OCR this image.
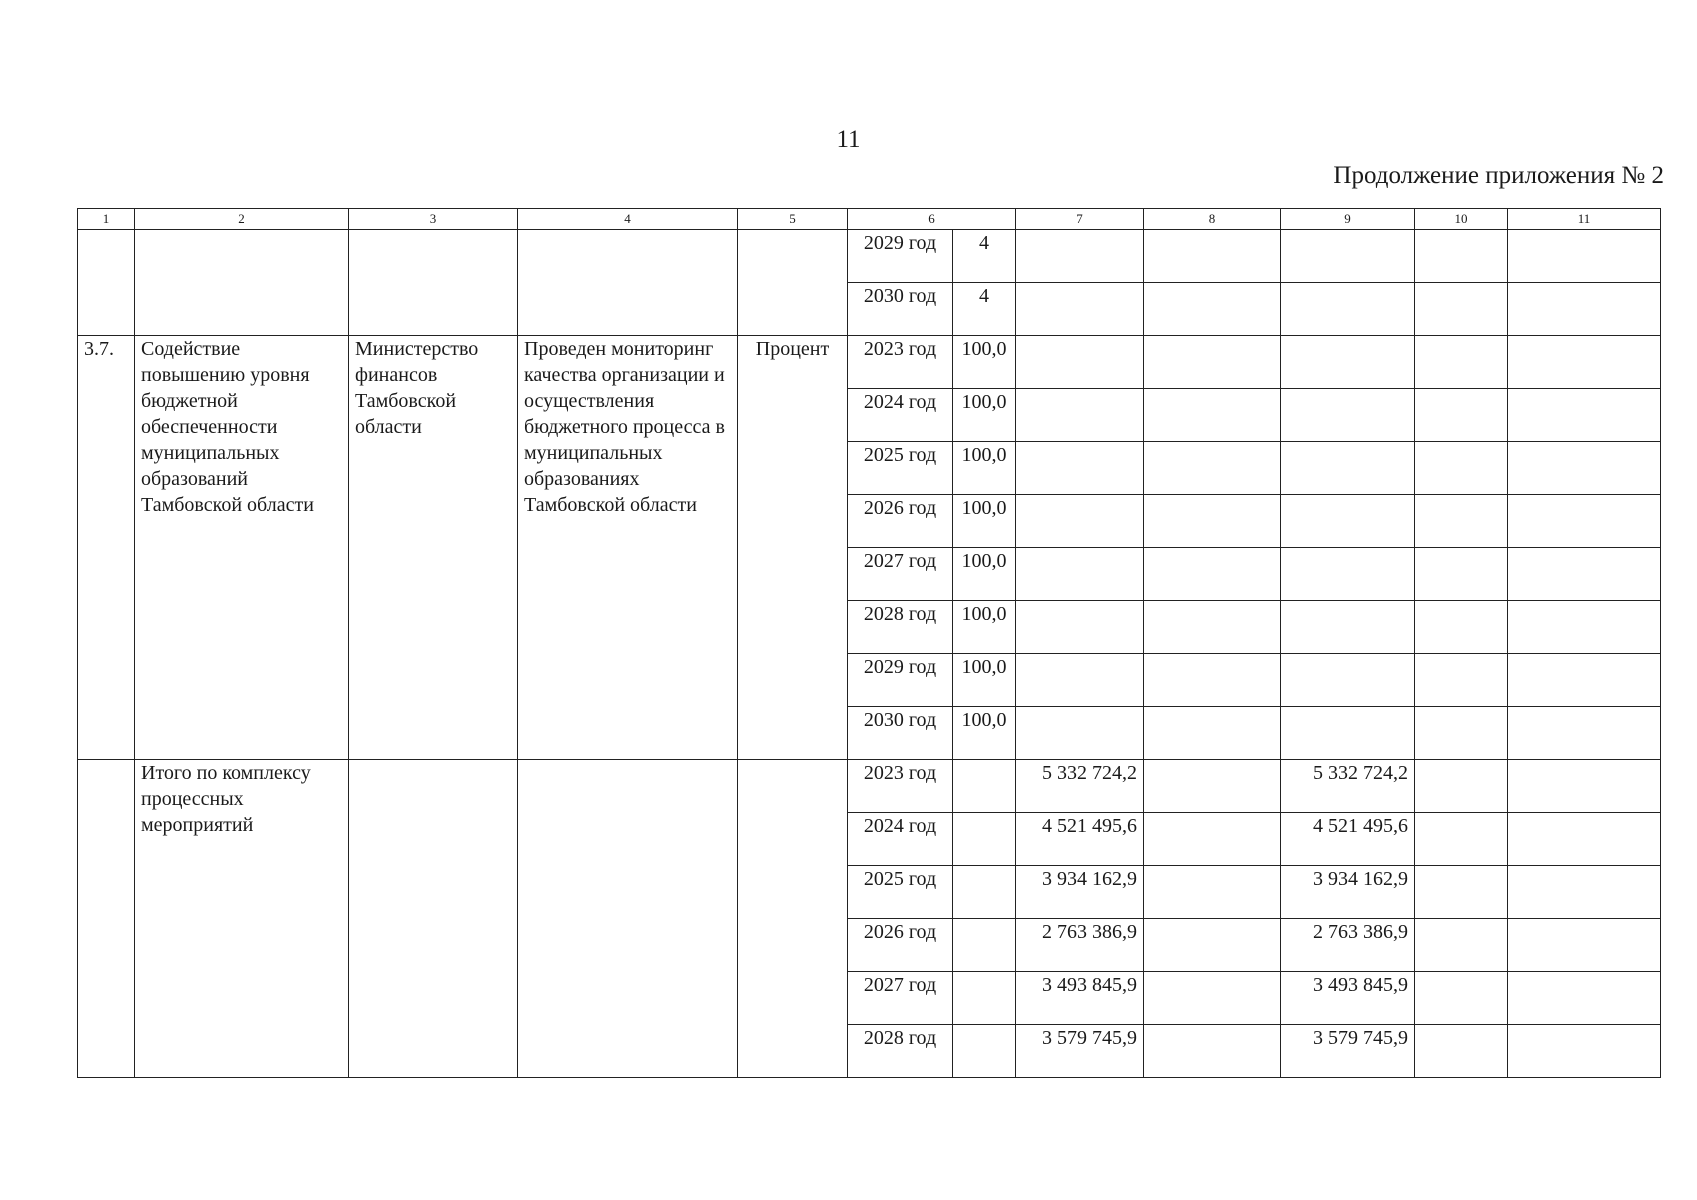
11
Продолжение приложения № 2
1	2	3	4	5	6		7	8	9	10	11
					2029 год	4					
					2030 год	4					
3.7.	Содействие повышению уровня бюджетной обеспеченности муниципальных образований Тамбовской области	Министерство финансов Тамбовской области	Проведен мониторинг качества организации и осуществления бюджетного процесса в муниципальных образованиях Тамбовской области	Процент	2023 год	100,0					
					2024 год	100,0					
					2025 год	100,0					
					2026 год	100,0					
					2027 год	100,0					
					2028 год	100,0					
					2029 год	100,0					
					2030 год	100,0					
	Итого по комплексу процессных мероприятий				2023 год		5 332 724,2		5 332 724,2		
					2024 год		4 521 495,6		4 521 495,6		
					2025 год		3 934 162,9		3 934 162,9		
					2026 год		2 763 386,9		2 763 386,9		
					2027 год		3 493 845,9		3 493 845,9		
					2028 год		3 579 745,9		3 579 745,9		
